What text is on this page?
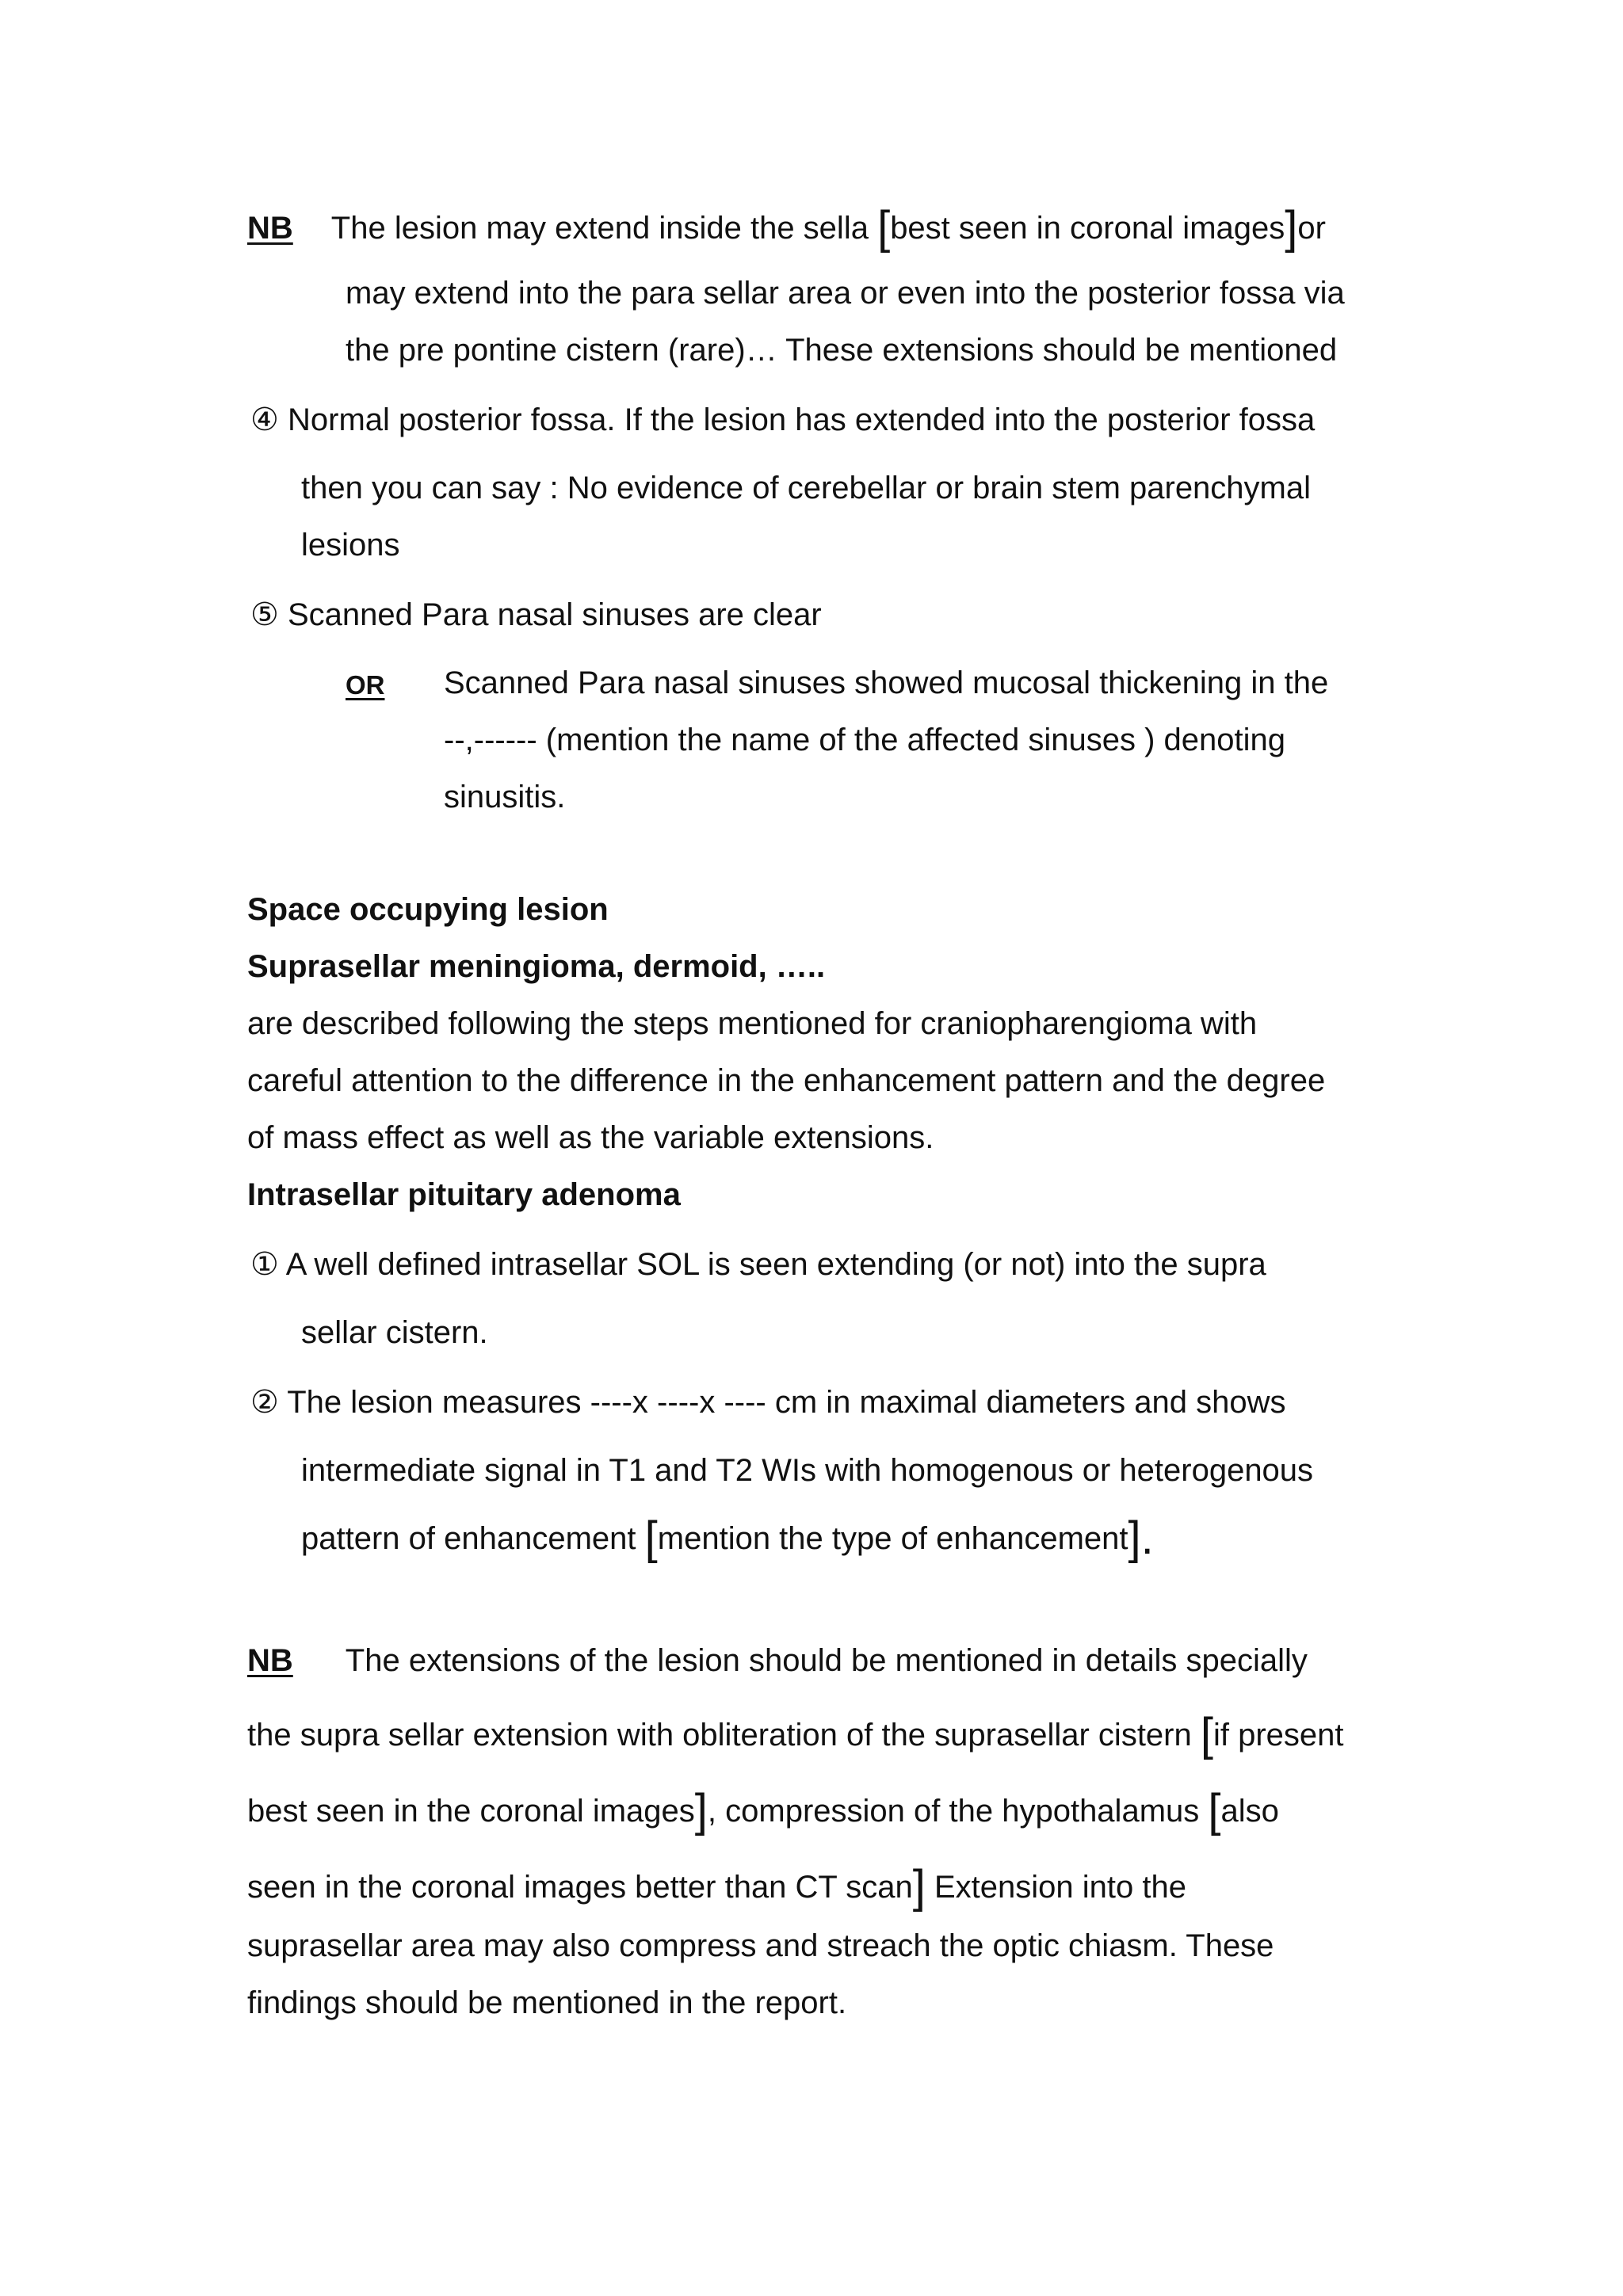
NB The lesion may extend inside the sella [best seen in coronal images]or
may extend into the para sellar area or even into the posterior fossa via
the pre pontine cistern (rare)… These extensions should be mentioned
④ Normal posterior fossa. If the lesion has extended into the posterior fossa
then you can say : No evidence of cerebellar or brain stem parenchymal
lesions
⑤ Scanned Para nasal sinuses are clear
OR Scanned Para nasal sinuses showed mucosal thickening in the
--,------ (mention the name of the affected sinuses ) denoting
sinusitis.
Space occupying lesion
Suprasellar meningioma, dermoid, …..
are described following the steps mentioned for craniopharengioma with
careful attention to the difference in the enhancement pattern and the degree
of mass effect as well as the variable extensions.
Intrasellar pituitary adenoma
① A well defined intrasellar SOL is seen extending (or not) into the supra
sellar cistern.
② The lesion measures ----x ----x ---- cm in maximal diameters and shows
intermediate signal in T1 and T2 WIs with homogenous or heterogenous
pattern of enhancement [mention the type of enhancement].
NB The extensions of the lesion should be mentioned in details specially
the supra sellar extension with obliteration of the suprasellar cistern [if present
best seen in the coronal images], compression of the hypothalamus [also
seen in the coronal images better than CT scan] Extension into the
suprasellar area may also compress and streach the optic chiasm. These
findings should be mentioned in the report.
